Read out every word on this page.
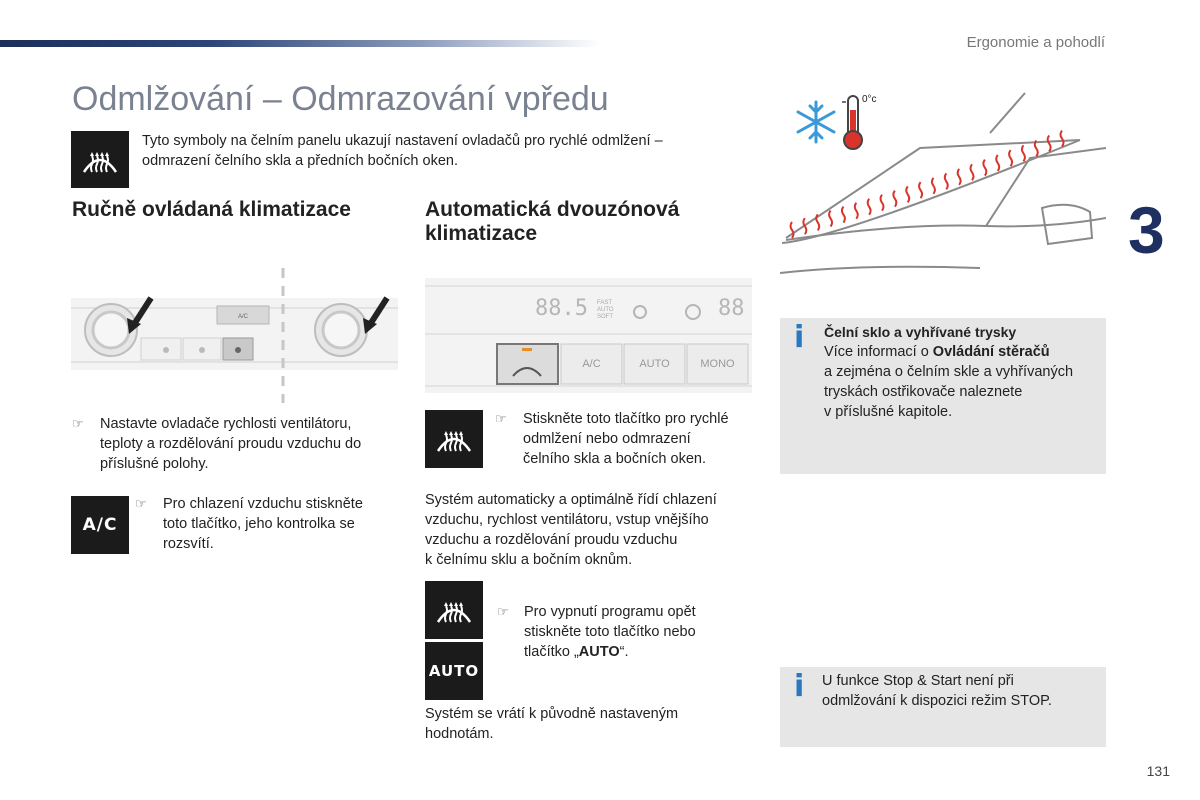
Ergonomie a pohodlí
3
Odmlžování – Odmrazování vpředu
Tyto symboly na čelním panelu ukazují nastavení ovladačů pro rychlé odmlžení –
odmrazení čelního skla a předních bočních oken.
Ručně ovládaná klimatizace
A/C
☞ Nastavte ovladače rychlosti ventilátoru,
teploty a rozdělování proudu vzduchu do
příslušné polohy.
A/C
☞ Pro chlazení vzduchu stiskněte
toto tlačítko, jeho kontrolka se
rozsvítí.
Automatická dvouzónová
klimatizace
88.5 FAST AUTO SOFT	88
A/C	AUTO	MONO
☞ Stiskněte toto tlačítko pro rychlé
odmlžení nebo odmrazení
čelního skla a bočních oken.
Systém automaticky a optimálně řídí chlazení
vzduchu, rychlost ventilátoru, vstup vnějšího
vzduchu a rozdělování proudu vzduchu
k čelnímu sklu a bočním oknům.
AUTO
☞ Pro vypnutí programu opět
stiskněte toto tlačítko nebo
tlačítko „AUTO“.
Systém se vrátí k původně nastaveným
hodnotám.
0°c
i Čelní sklo a vyhřívané trysky
Více informací o Ovládání stěračů
a zejména o čelním skle a vyhřívaných
tryskách ostřikovače naleznete
v příslušné kapitole.
i U funkce Stop & Start není při
odmlžování k dispozici režim STOP.
131
